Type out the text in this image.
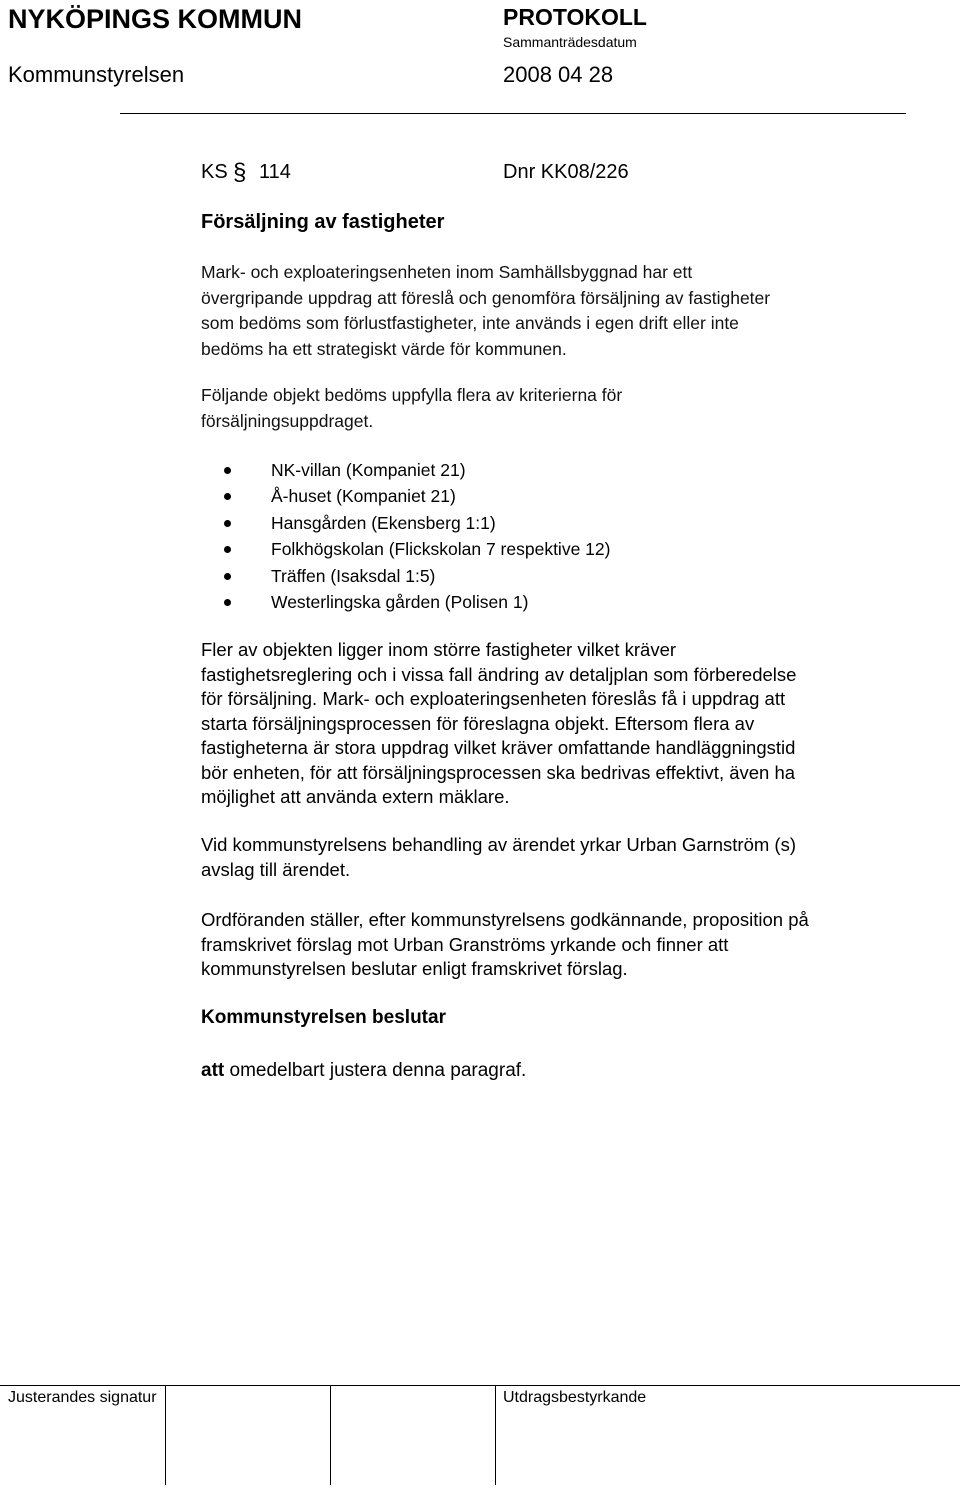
NYKÖPINGS KOMMUN	PROTOKOLL
Sammanträdesdatum
Kommunstyrelsen	2008 04 28
KS § 114	Dnr KK08/226
Försäljning av fastigheter
Mark- och exploateringsenheten inom Samhällsbyggnad har ett
övergripande uppdrag att föreslå och genomföra försäljning av fastigheter
som bedöms som förlustfastigheter, inte används i egen drift eller inte
bedöms ha ett strategiskt värde för kommunen.
Följande objekt bedöms uppfylla flera av kriterierna för
försäljningsuppdraget.
NK-villan (Kompaniet 21)
Å-huset (Kompaniet 21)
Hansgården (Ekensberg 1:1)
Folkhögskolan (Flickskolan 7 respektive 12)
Träffen (Isaksdal 1:5)
Westerlingska gården (Polisen 1)
Fler av objekten ligger inom större fastigheter vilket kräver
fastighetsreglering och i vissa fall ändring av detaljplan som förberedelse
för försäljning. Mark- och exploateringsenheten föreslås få i uppdrag att
starta försäljningsprocessen för föreslagna objekt. Eftersom flera av
fastigheterna är stora uppdrag vilket kräver omfattande handläggningstid
bör enheten, för att försäljningsprocessen ska bedrivas effektivt, även ha
möjlighet att använda extern mäklare.
Vid kommunstyrelsens behandling av ärendet yrkar Urban Garnström (s)
avslag till ärendet.
Ordföranden ställer, efter kommunstyrelsens godkännande, proposition på
framskrivet förslag mot Urban Granströms yrkande och finner att
kommunstyrelsen beslutar enligt framskrivet förslag.
Kommunstyrelsen beslutar
att omedelbart justera denna paragraf.
Justerandes signatur	Utdragsbestyrkande
